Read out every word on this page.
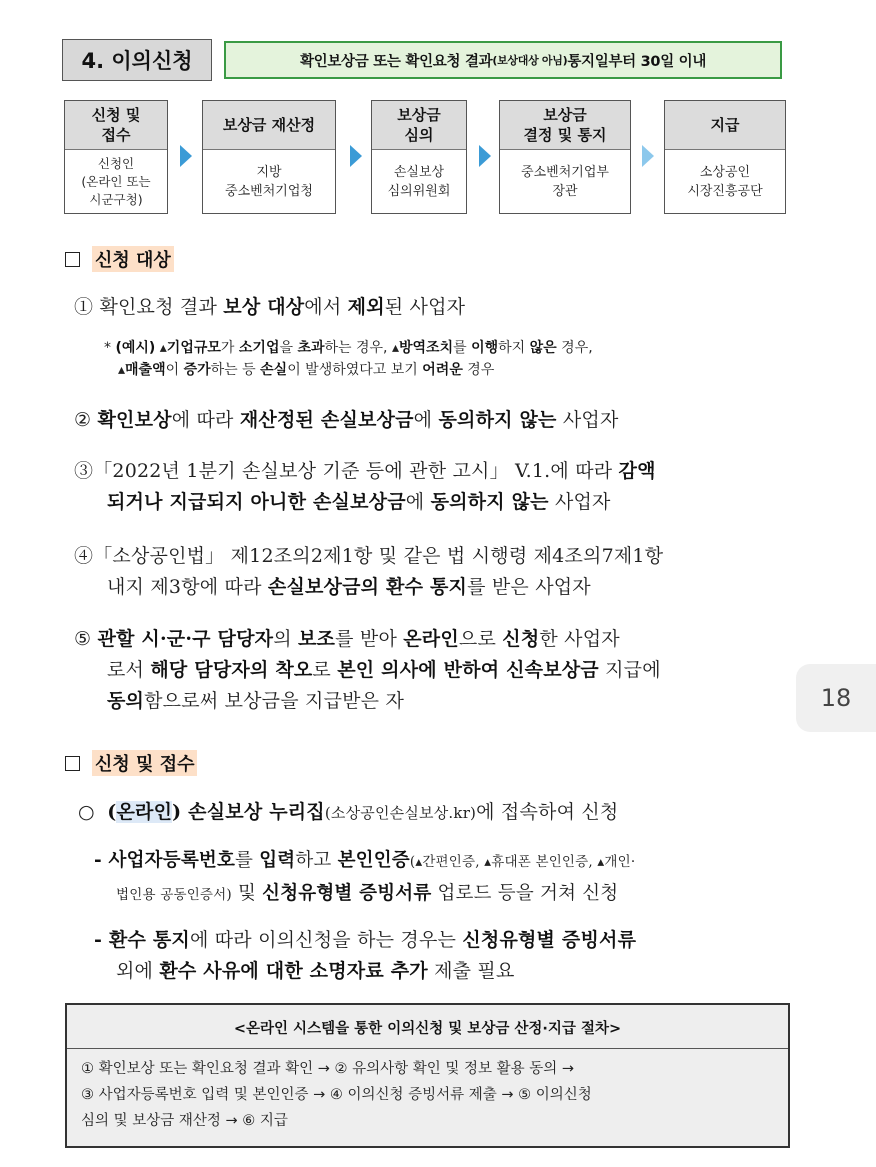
4. 이의신청	확인보상금 또는 확인요청 결과 (보상대상 아님) 통지일부터 30일 이내
신청 및
접수
신청인
(온라인 또는
시군구청)
보상금 재산정
지방
중소벤처기업청
보상금
심의
손실보상
심의위원회
보상금
결정 및 통지
중소벤처기업부
장관
지급
소상공인
시장진흥공단
신청 대상
① 확인요청 결과 보상 대상에서 제외된 사업자
* (예시) ▴기업규모가 소기업을 초과하는 경우, ▴방역조치를 이행하지 않은 경우,
▴매출액이 증가하는 등 손실이 발생하였다고 보기 어려운 경우
② 확인보상에 따라 재산정된 손실보상금에 동의하지 않는 사업자
③「2022년 1분기 손실보상 기준 등에 관한 고시」 V.1.에 따라 감액
되거나 지급되지 아니한 손실보상금에 동의하지 않는 사업자
④「소상공인법」 제12조의2제1항 및 같은 법 시행령 제4조의7제1항
내지 제3항에 따라 손실보상금의 환수 통지를 받은 사업자
⑤ 관할 시·군·구 담당자의 보조를 받아 온라인으로 신청한 사업자
로서 해당 담당자의 착오로 본인 의사에 반하여 신속보상금 지급에
동의함으로써 보상금을 지급받은 자	18
신청 및 접수
○ (온라인) 손실보상 누리집(소상공인손실보상.kr)에 접속하여 신청
- 사업자등록번호를 입력하고 본인인증(▴간편인증, ▴휴대폰 본인인증, ▴개인·
법인용 공동인증서) 및 신청유형별 증빙서류 업로드 등을 거쳐 신청
- 환수 통지에 따라 이의신청을 하는 경우는 신청유형별 증빙서류
외에 환수 사유에 대한 소명자료 추가 제출 필요
<온라인 시스템을 통한 이의신청 및 보상금 산정·지급 절차>
① 확인보상 또는 확인요청 결과 확인 → ② 유의사항 확인 및 정보 활용 동의 →
③ 사업자등록번호 입력 및 본인인증 → ④ 이의신청 증빙서류 제출 → ⑤ 이의신청
심의 및 보상금 재산정 → ⑥ 지급
